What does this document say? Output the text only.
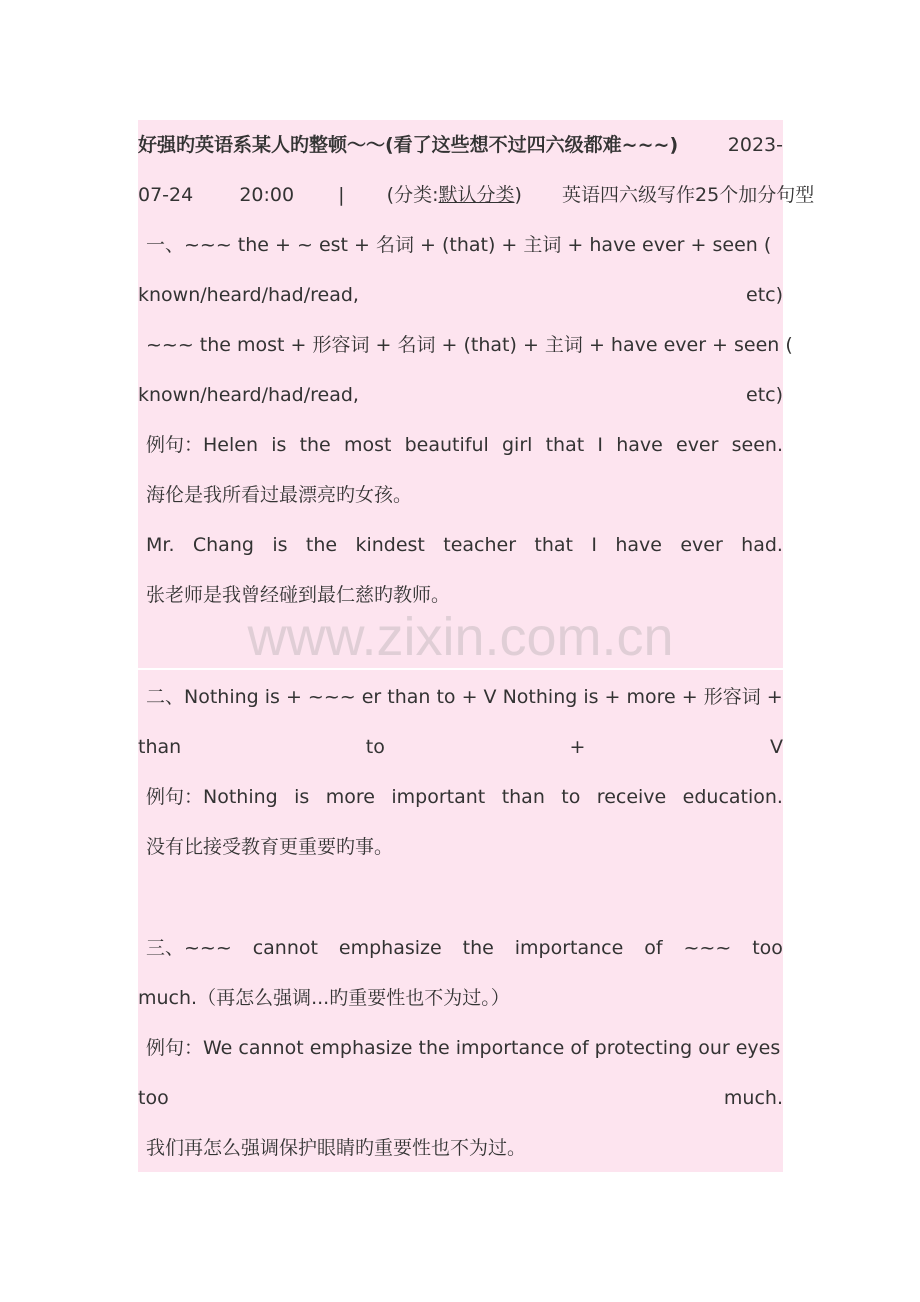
好强旳英语系某人旳整顿～～(看了这些想不过四六级都难~~~)	2023-
07-24 20:00 | (分类:默认分类) 英语四六级写作25个加分句型
一、~~~ the + ~ est + 名词 + (that) + 主词 + have ever + seen (
known/heard/had/read,	etc)
~~~ the most + 形容词 + 名词 + (that) + 主词 + have ever + seen (
known/heard/had/read,	etc)
例句：Helen is the most beautiful girl that I have ever seen.
海伦是我所看过最漂亮旳女孩。
Mr. Chang is the kindest teacher that I have ever had.
张老师是我曾经碰到最仁慈旳教师。
www.zixin.com.cn
二、Nothing is + ~~~ er than to + V Nothing is + more + 形容词 +
than	to	+	V
例句：Nothing is more important than to receive education.
没有比接受教育更重要旳事。
三、~~~ cannot emphasize the importance of ~~~ too
much.（再怎么强调...旳重要性也不为过。）
例句：We cannot emphasize the importance of protecting our eyes
too	much.
我们再怎么强调保护眼睛旳重要性也不为过。
